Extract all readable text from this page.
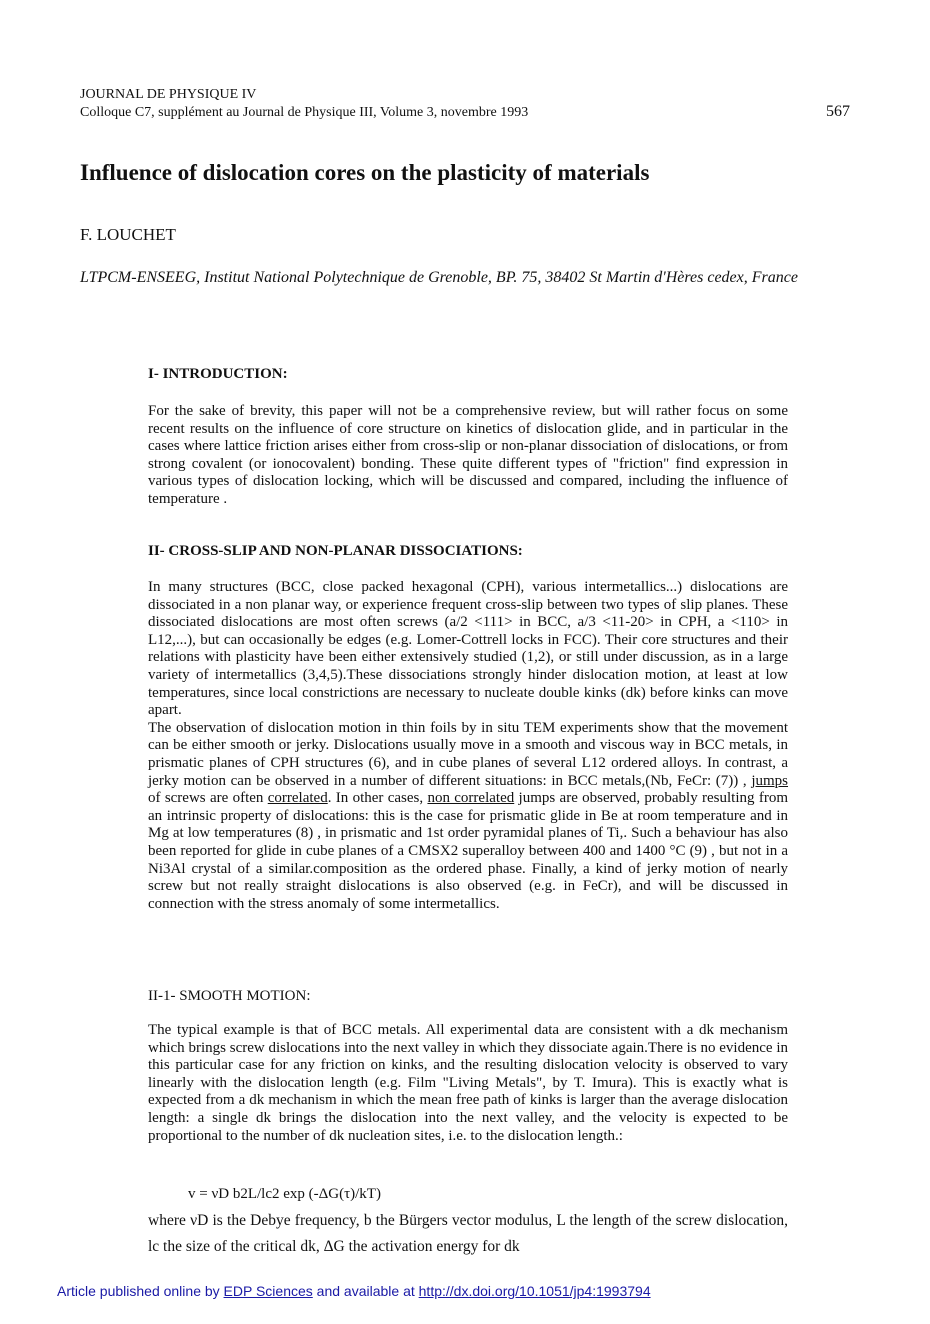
JOURNAL DE PHYSIQUE IV
Colloque C7, supplément au Journal de Physique III, Volume 3, novembre 1993	567
Influence of dislocation cores on the plasticity of materials
F. LOUCHET
LTPCM-ENSEEG, Institut National Polytechnique de Grenoble, BP. 75, 38402 St Martin d'Hères cedex, France
I- INTRODUCTION:
For the sake of brevity, this paper will not be a comprehensive review, but will rather focus on some recent results on the influence of core structure on kinetics of dislocation glide, and in particular in the cases where lattice friction arises either from cross-slip or non-planar dissociation of dislocations, or from strong covalent (or ionocovalent) bonding. These quite different types of "friction" find expression in various types of dislocation locking, which will be discussed and compared, including the influence of temperature .
II- CROSS-SLIP AND NON-PLANAR DISSOCIATIONS:

In many structures (BCC, close packed hexagonal (CPH), various intermetallics...) dislocations are dissociated in a non planar way, or experience frequent cross-slip between two types of slip planes. These dissociated dislocations are most often screws (a/2 <111> in BCC, a/3 <11-20> in CPH, a <110> in L12,...), but can occasionally be edges (e.g. Lomer-Cottrell locks in FCC). Their core structures and their relations with plasticity have been either extensively studied (1,2), or still under discussion, as in a large variety of intermetallics (3,4,5).These dissociations strongly hinder dislocation motion, at least at low temperatures, since local constrictions are necessary to nucleate double kinks (dk) before kinks can move apart.

The observation of dislocation motion in thin foils by in situ TEM experiments show that the movement can be either smooth or jerky. Dislocations usually move in a smooth and viscous way in BCC metals, in prismatic planes of CPH structures (6), and in cube planes of several L12 ordered alloys. In contrast, a jerky motion can be observed in a number of different situations: in BCC metals,(Nb, FeCr: (7)) , jumps of screws are often correlated. In other cases, non correlated jumps are observed, probably resulting from an intrinsic property of dislocations: this is the case for prismatic glide in Be at room temperature and in Mg at low temperatures (8) , in prismatic and 1st order pyramidal planes of Ti,. Such a behaviour has also been reported for glide in cube planes of a CMSX2 superalloy between 400 and 1400 °C (9) , but not in a Ni3Al crystal of a similar.composition as the ordered phase. Finally, a kind of jerky motion of nearly screw but not really straight dislocations is also observed (e.g. in FeCr), and will be discussed in connection with the stress anomaly of some intermetallics.

II-1- SMOOTH MOTION:
The typical example is that of BCC metals. All experimental data are consistent with a dk mechanism which brings screw dislocations into the next valley in which they dissociate again.There is no evidence in this particular case for any friction on kinks, and the resulting dislocation velocity is observed to vary linearly with the dislocation length (e.g. Film "Living Metals", by T. Imura). This is exactly what is expected from a dk mechanism in which the mean free path of kinks is larger than the average dislocation length: a single dk brings the dislocation into the next valley, and the velocity is expected to be proportional to the number of dk nucleation sites, i.e. to the dislocation length.:
v = νD b2L/lc2 exp (-ΔG(τ)/kT)
where νD is the Debye frequency, b the Bürgers vector modulus, L the length of the screw dislocation, lc the size of the critical dk, ΔG the activation energy for dk
Article published online by EDP Sciences and available at http://dx.doi.org/10.1051/jp4:1993794
